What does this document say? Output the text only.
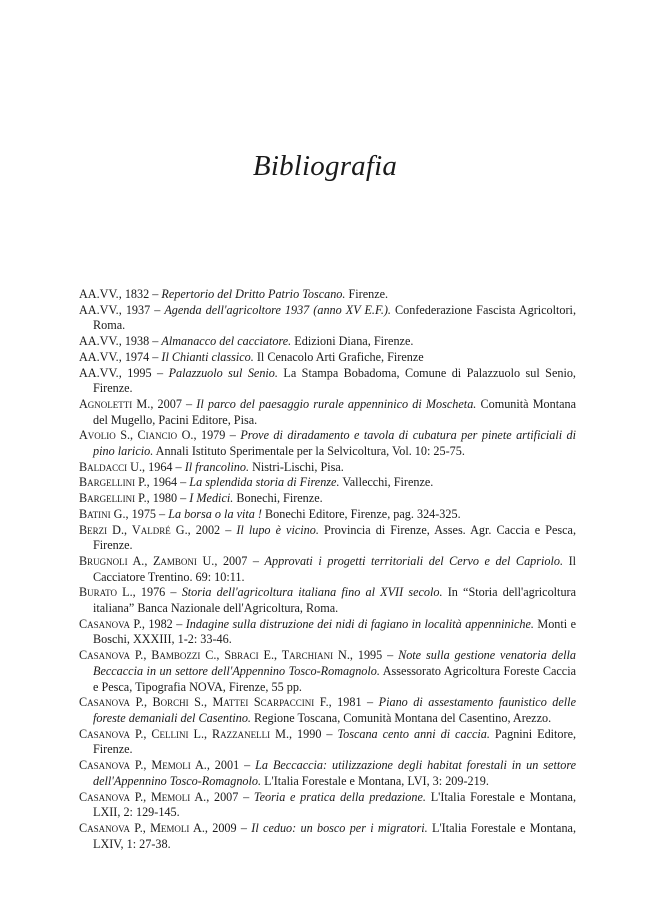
Bibliografia

AA.VV., 1832 – Repertorio del Dritto Patrio Toscano. Firenze.

AA.VV., 1937 – Agenda dell'agricoltore 1937 (anno XV E.F.). Confederazione Fascista Agricoltori, Roma.

AA.VV., 1938 – Almanacco del cacciatore. Edizioni Diana, Firenze.

AA.VV., 1974 – Il Chianti classico. Il Cenacolo Arti Grafiche, Firenze

AA.VV., 1995 – Palazzuolo sul Senio. La Stampa Bobadoma, Comune di Palazzuolo sul Senio, Firenze.

Agnoletti M., 2007 – Il parco del paesaggio rurale appenninico di Moscheta. Comunità Montana del Mugello, Pacini Editore, Pisa.

Avolio S., Ciancio O., 1979 – Prove di diradamento e tavola di cubatura per pinete artificiali di pino laricio. Annali Istituto Sperimentale per la Selvicoltura, Vol. 10: 25-75.

Baldacci U., 1964 – Il francolino. Nistri-Lischi, Pisa.

Bargellini P., 1964 – La splendida storia di Firenze. Vallecchi, Firenze.

Bargellini P., 1980 – I Medici. Bonechi, Firenze.

Batini G., 1975 – La borsa o la vita ! Bonechi Editore, Firenze, pag. 324-325.

Berzi D., Valdré G., 2002 – Il lupo è vicino. Provincia di Firenze, Asses. Agr. Caccia e Pesca, Firenze.

Brugnoli A., Zamboni U., 2007 – Approvati i progetti territoriali del Cervo e del Capriolo. Il Cacciatore Trentino. 69: 10:11.

Burato L., 1976 – Storia dell'agricoltura italiana fino al XVII secolo. In “Storia dell'agricoltura italiana” Banca Nazionale dell'Agricoltura, Roma.

Casanova P., 1982 – Indagine sulla distruzione dei nidi di fagiano in località appenniniche. Monti e Boschi, XXXIII, 1-2: 33-46.

Casanova P., Bambozzi C., Sbraci E., Tarchiani N., 1995 – Note sulla gestione venatoria della Beccaccia in un settore dell'Appennino Tosco-Romagnolo. Assessorato Agricoltura Foreste Caccia e Pesca, Tipografia NOVA, Firenze, 55 pp.

Casanova P., Borchi S., Mattei Scarpaccini F., 1981 – Piano di assestamento faunistico delle foreste demaniali del Casentino. Regione Toscana, Comunità Montana del Casentino, Arezzo.

Casanova P., Cellini L., Razzanelli M., 1990 – Toscana cento anni di caccia. Pagnini Editore, Firenze.

Casanova P., Memoli A., 2001 – La Beccaccia: utilizzazione degli habitat forestali in un settore dell'Appennino Tosco-Romagnolo. L'Italia Forestale e Montana, LVI, 3: 209-219.

Casanova P., Memoli A., 2007 – Teoria e pratica della predazione. L'Italia Forestale e Montana, LXII, 2: 129-145.

Casanova P., Memoli A., 2009 – Il ceduo: un bosco per i migratori. L'Italia Forestale e Montana, LXIV, 1: 27-38.
